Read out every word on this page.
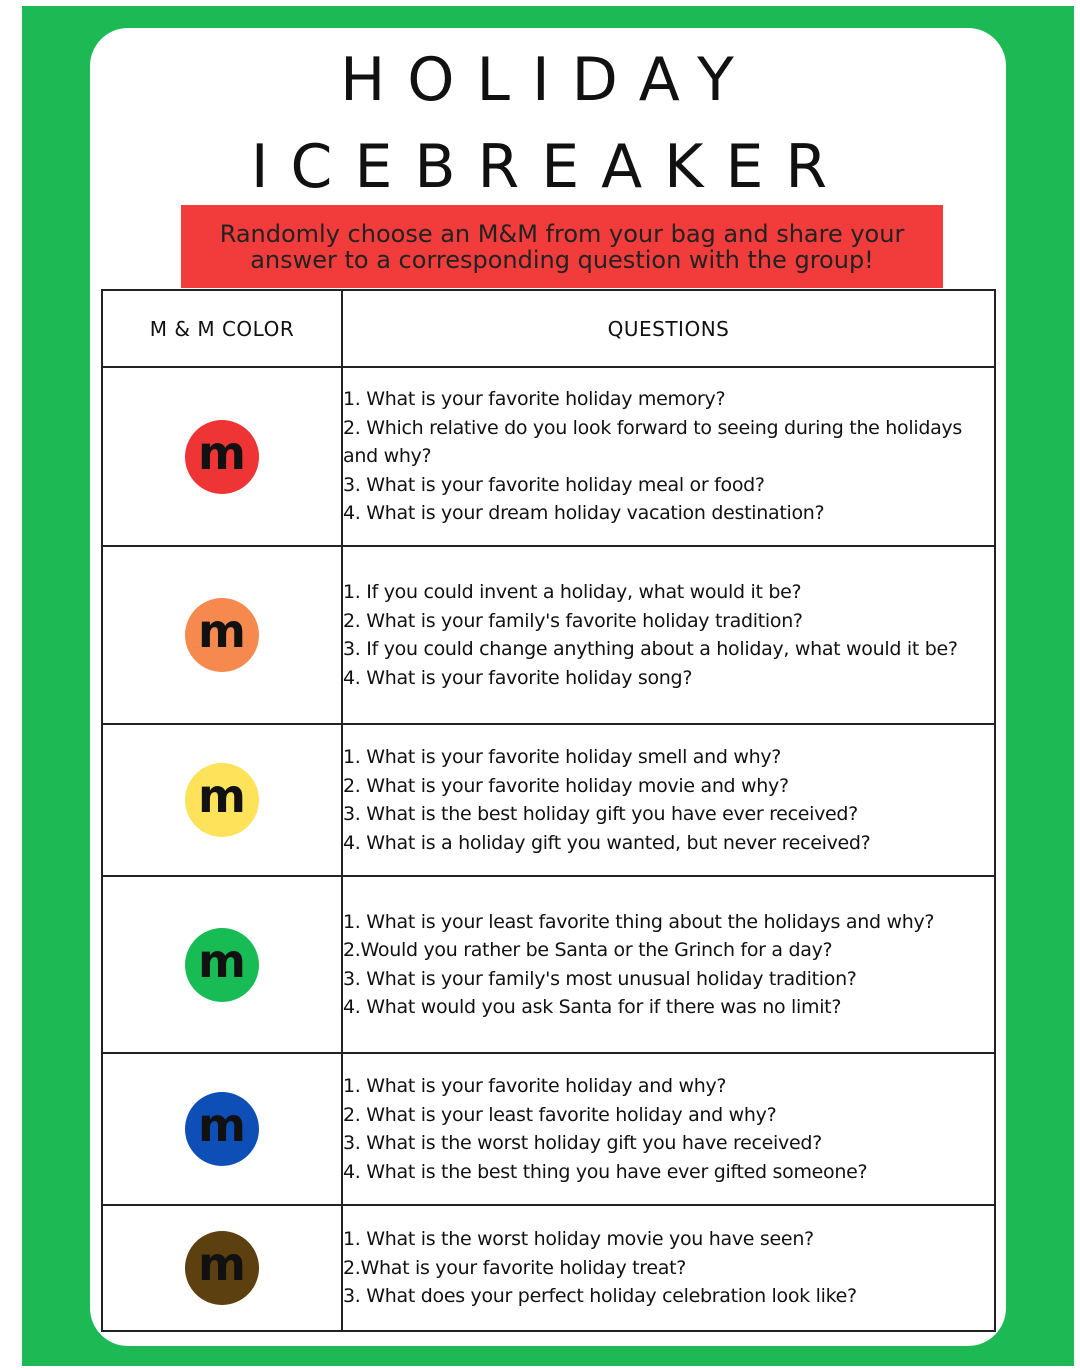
HOLIDAY
ICEBREAKER
Randomly choose an M&M from your bag and share your
answer to a corresponding question with the group!
M & M COLOR	QUESTIONS
m	1. What is your favorite holiday memory?
2. Which relative do you look forward to seeing during the holidays and why?
3. What is your favorite holiday meal or food?
4. What is your dream holiday vacation destination?

m	1. If you could invent a holiday, what would it be?
2. What is your family's favorite holiday tradition?
3. If you could change anything about a holiday, what would it be?
4. What is your favorite holiday song?

m	1. What is your favorite holiday smell and why?
2. What is your favorite holiday movie and why?
3. What is the best holiday gift you have ever received?
4. What is a holiday gift you wanted, but never received?

m	1. What is your least favorite thing about the holidays and why?
2.Would you rather be Santa or the Grinch for a day?
3. What is your family's most unusual holiday tradition?
4. What would you ask Santa for if there was no limit?

m	1. What is your favorite holiday and why?
2. What is your least favorite holiday and why?
3. What is the worst holiday gift you have received?
4. What is the best thing you have ever gifted someone?

m	1. What is the worst holiday movie you have seen?
2.What is your favorite holiday treat?
3. What does your perfect holiday celebration look like?
